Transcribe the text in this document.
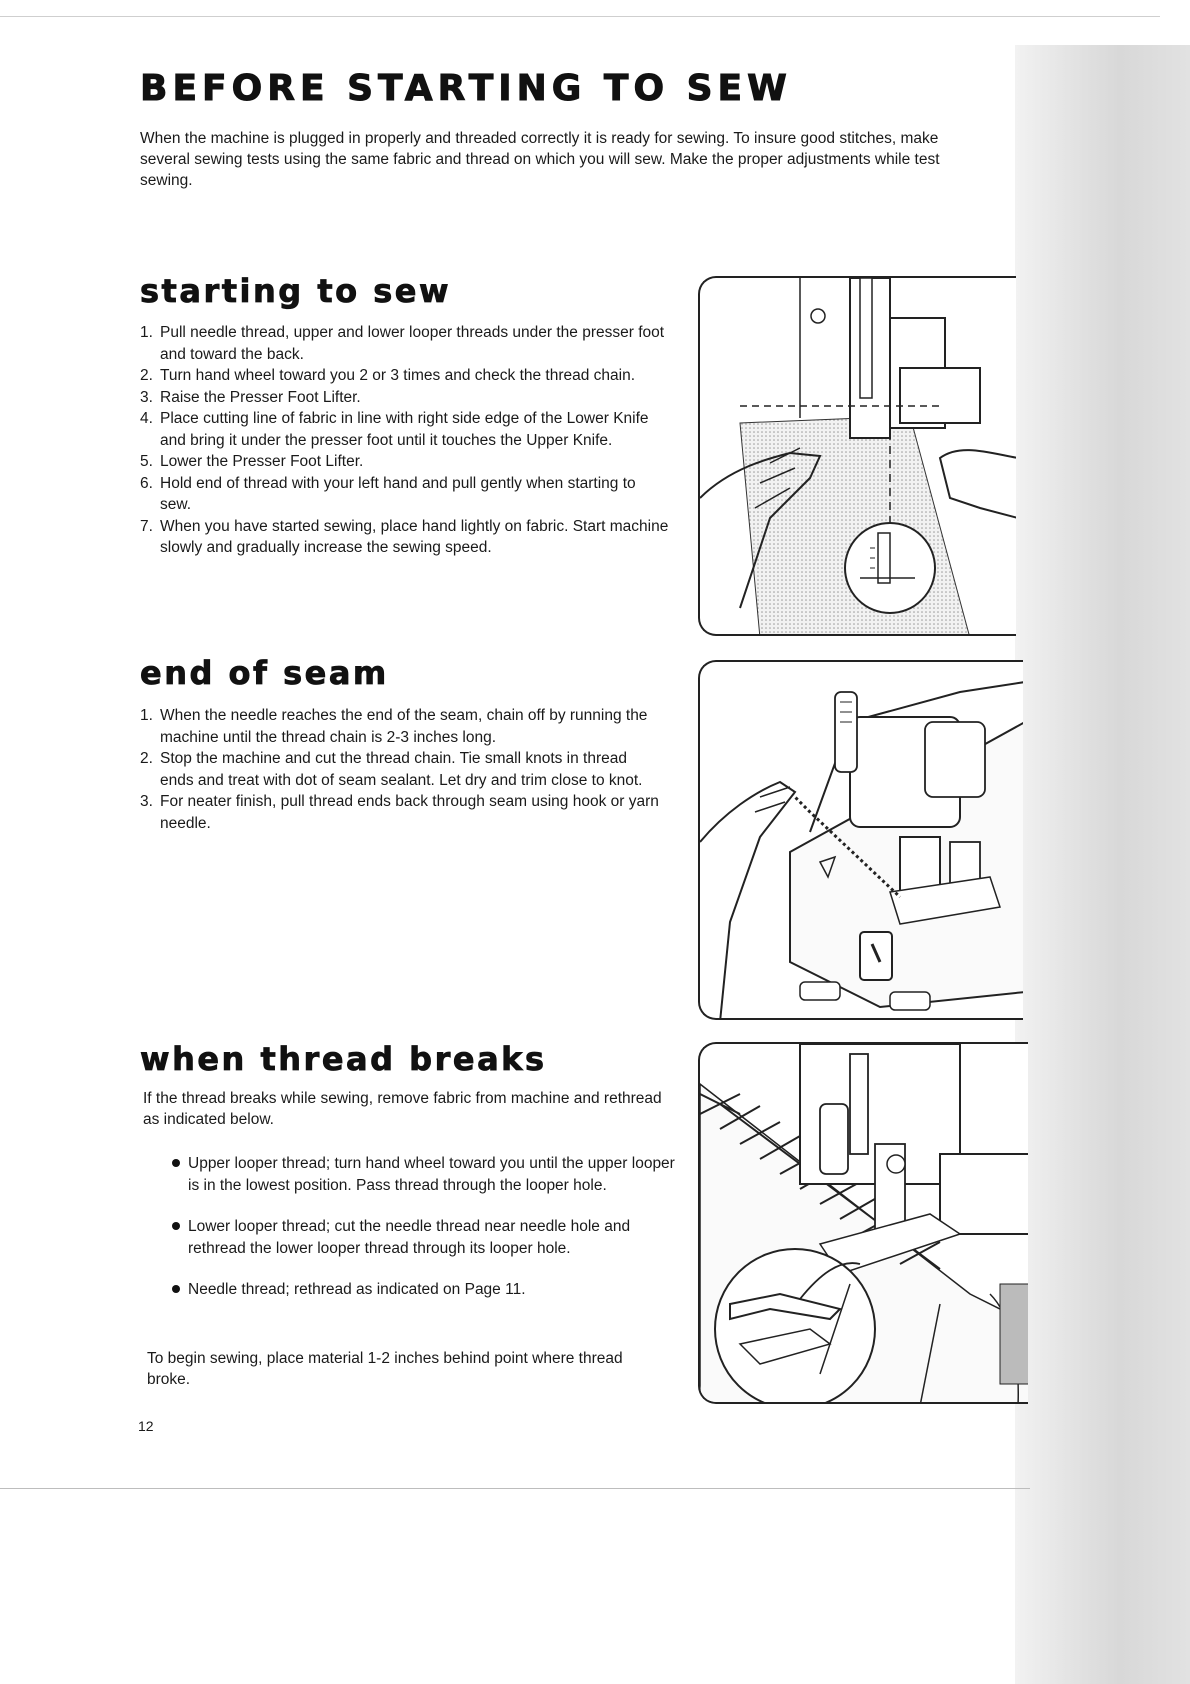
BEFORE STARTING TO SEW

When the machine is plugged in properly and threaded correctly it is ready for sewing. To insure good stitches, make several sewing tests using the same fabric and thread on which you will sew. Make the proper adjustments while test sewing.

starting to sew
1. Pull needle thread, upper and lower looper threads under the presser foot and toward the back.
2. Turn hand wheel toward you 2 or 3 times and check the thread chain.
3. Raise the Presser Foot Lifter.
4. Place cutting line of fabric in line with right side edge of the Lower Knife and bring it under the presser foot until it touches the Upper Knife.
5. Lower the Presser Foot Lifter.
6. Hold end of thread with your left hand and pull gently when starting to sew.
7. When you have started sewing, place hand lightly on fabric. Start machine slowly and gradually increase the sewing speed.
end of seam
1. When the needle reaches the end of the seam, chain off by running the machine until the thread chain is 2-3 inches long.
2. Stop the machine and cut the thread chain. Tie small knots in thread ends and treat with dot of seam sealant. Let dry and trim close to knot.
3. For neater finish, pull thread ends back through seam using hook or yarn needle.
when thread breaks

If the thread breaks while sewing, remove fabric from machine and rethread as indicated below.

Upper looper thread; turn hand wheel toward you until the upper looper is in the lowest position. Pass thread through the looper hole.
Lower looper thread; cut the needle thread near needle hole and rethread the lower looper thread through its looper hole.
Needle thread; rethread as indicated on Page 11.

To begin sewing, place material 1-2 inches behind point where thread broke.

12
